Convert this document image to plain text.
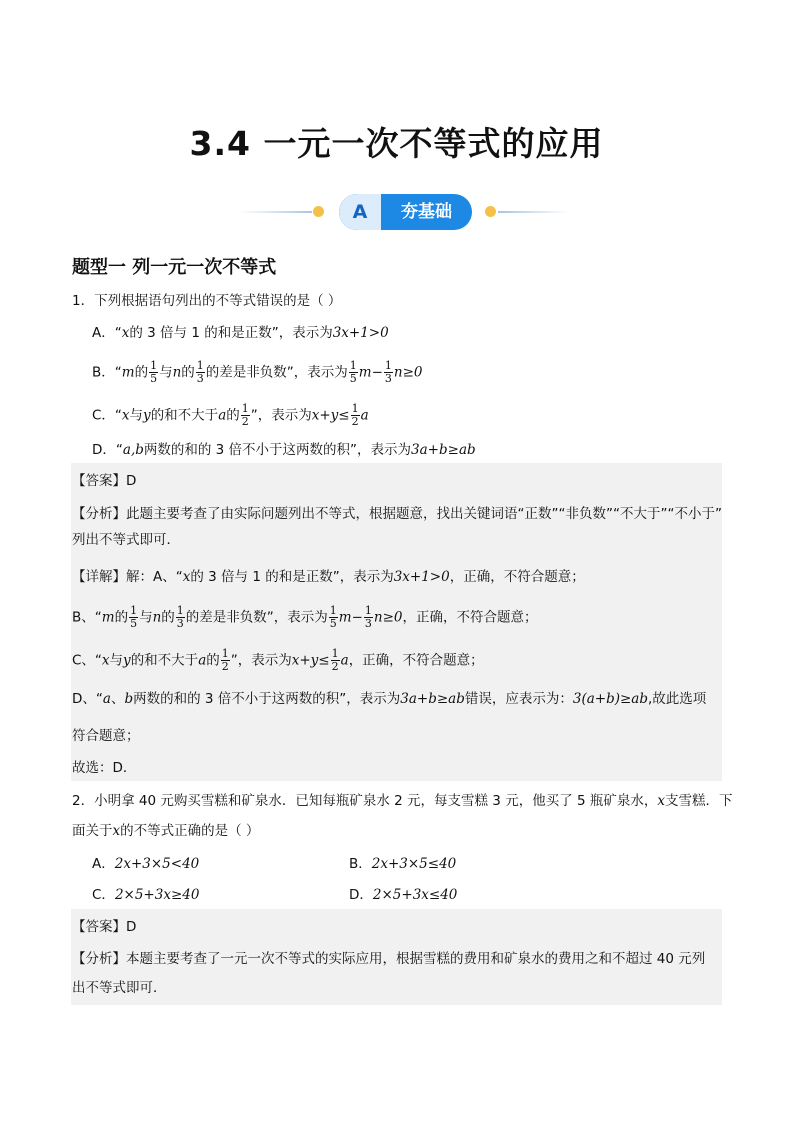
3.4 一元一次不等式的应用
A	夯基础
题型一 列一元一次不等式
1．下列根据语句列出的不等式错误的是（ ）
A．“x的 3 倍与 1 的和是正数”，表示为3x+1>0
B．“m的 $\frac{1}{5}$ 与n的 $\frac{1}{3}$ 的差是非负数”，表示为 $\frac{1}{5} m- \frac{1}{3} n\ge 0$
C．“x与y的和不大于a的 $\frac{1}{2}$ ”，表示为$x+y\le \frac{1}{2}$ a
D．“a,b两数的和的 3 倍不小于这两数的积”，表示为3a+b≥ab
【答案】D
【分析】此题主要考查了由实际问题列出不等式，根据题意，找出关键词语“正数”“非负数”“不大于”“不小于”
列出不等式即可．
【详解】解：A、“x的 3 倍与 1 的和是正数”，表示为3x+1>0，正确，不符合题意；
B、“m的 $\frac{1}{5}$ 与n的 $\frac{1}{3}$ 的差是非负数”，表示为 $\frac{1}{5} m- \frac{1}{3} n\ge 0$，正确，不符合题意；
C、“x与y的和不大于a的 $\frac{1}{2}$ ”，表示为$x+y\le \frac{1}{2}$ a，正确，不符合题意；
D、“a、b两数的和的 3 倍不小于这两数的积”，表示为3a+b≥ab错误，应表示为：3(a+b)≥ab,故此选项
符合题意；
故选：D．
2．小明拿 40 元购买雪糕和矿泉水．已知每瓶矿泉水 2 元，每支雪糕 3 元，他买了 5 瓶矿泉水，x支雪糕．下
面关于x的不等式正确的是（ ）
A．2x+3×5<40	B．2x+3×5≤40
C．2×5+3x≥40	D．2×5+3x≤40
【答案】D
【分析】本题主要考查了一元一次不等式的实际应用，根据雪糕的费用和矿泉水的费用之和不超过 40 元列
出不等式即可．
